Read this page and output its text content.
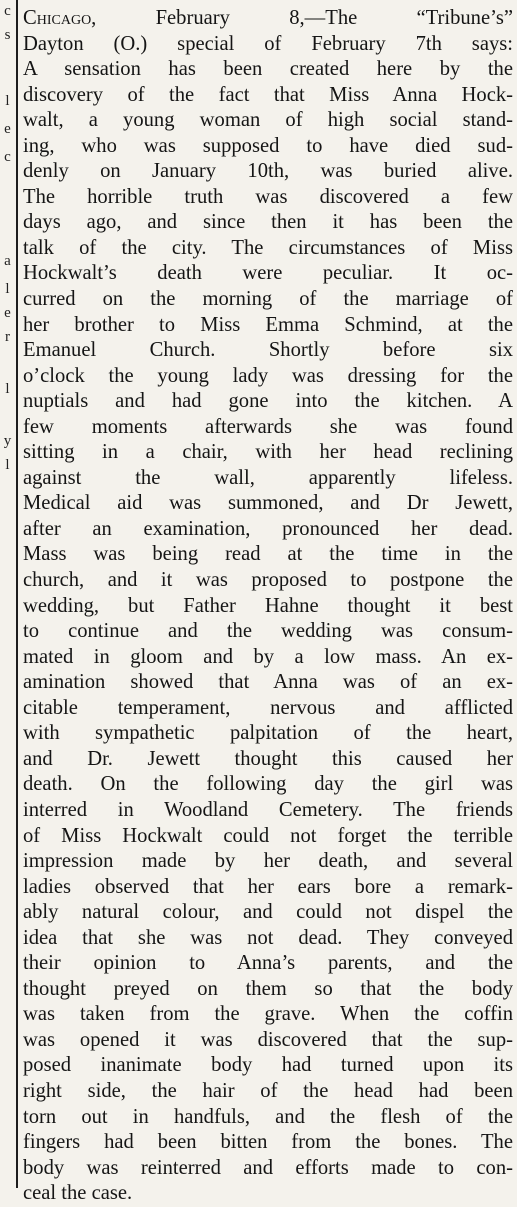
c
s
l
e
c
a
l
e
r
l
y
l
Chicago, February 8,—The “Tribune’s”
Dayton (O.) special of February 7th says:
A sensation has been created here by the
discovery of the fact that Miss Anna Hock-
walt, a young woman of high social stand-
ing, who was supposed to have died sud-
denly on January 10th, was buried alive.
The horrible truth was discovered a few
days ago, and since then it has been the
talk of the city. The circumstances of Miss
Hockwalt’s death were peculiar. It oc-
curred on the morning of the marriage of
her brother to Miss Emma Schmind, at the
Emanuel Church. Shortly before six
o’clock the young lady was dressing for the
nuptials and had gone into the kitchen. A
few moments afterwards she was found
sitting in a chair, with her head reclining
against the wall, apparently lifeless.
Medical aid was summoned, and Dr Jewett,
after an examination, pronounced her dead.
Mass was being read at the time in the
church, and it was proposed to postpone the
wedding, but Father Hahne thought it best
to continue and the wedding was consum-
mated in gloom and by a low mass. An ex-
amination showed that Anna was of an ex-
citable temperament, nervous and afflicted
with sympathetic palpitation of the heart,
and Dr. Jewett thought this caused her
death. On the following day the girl was
interred in Woodland Cemetery. The friends
of Miss Hockwalt could not forget the terrible
impression made by her death, and several
ladies observed that her ears bore a remark-
ably natural colour, and could not dispel the
idea that she was not dead. They conveyed
their opinion to Anna’s parents, and the
thought preyed on them so that the body
was taken from the grave. When the coffin
was opened it was discovered that the sup-
posed inanimate body had turned upon its
right side, the hair of the head had been
torn out in handfuls, and the flesh of the
fingers had been bitten from the bones. The
body was reinterred and efforts made to con-
ceal the case.
